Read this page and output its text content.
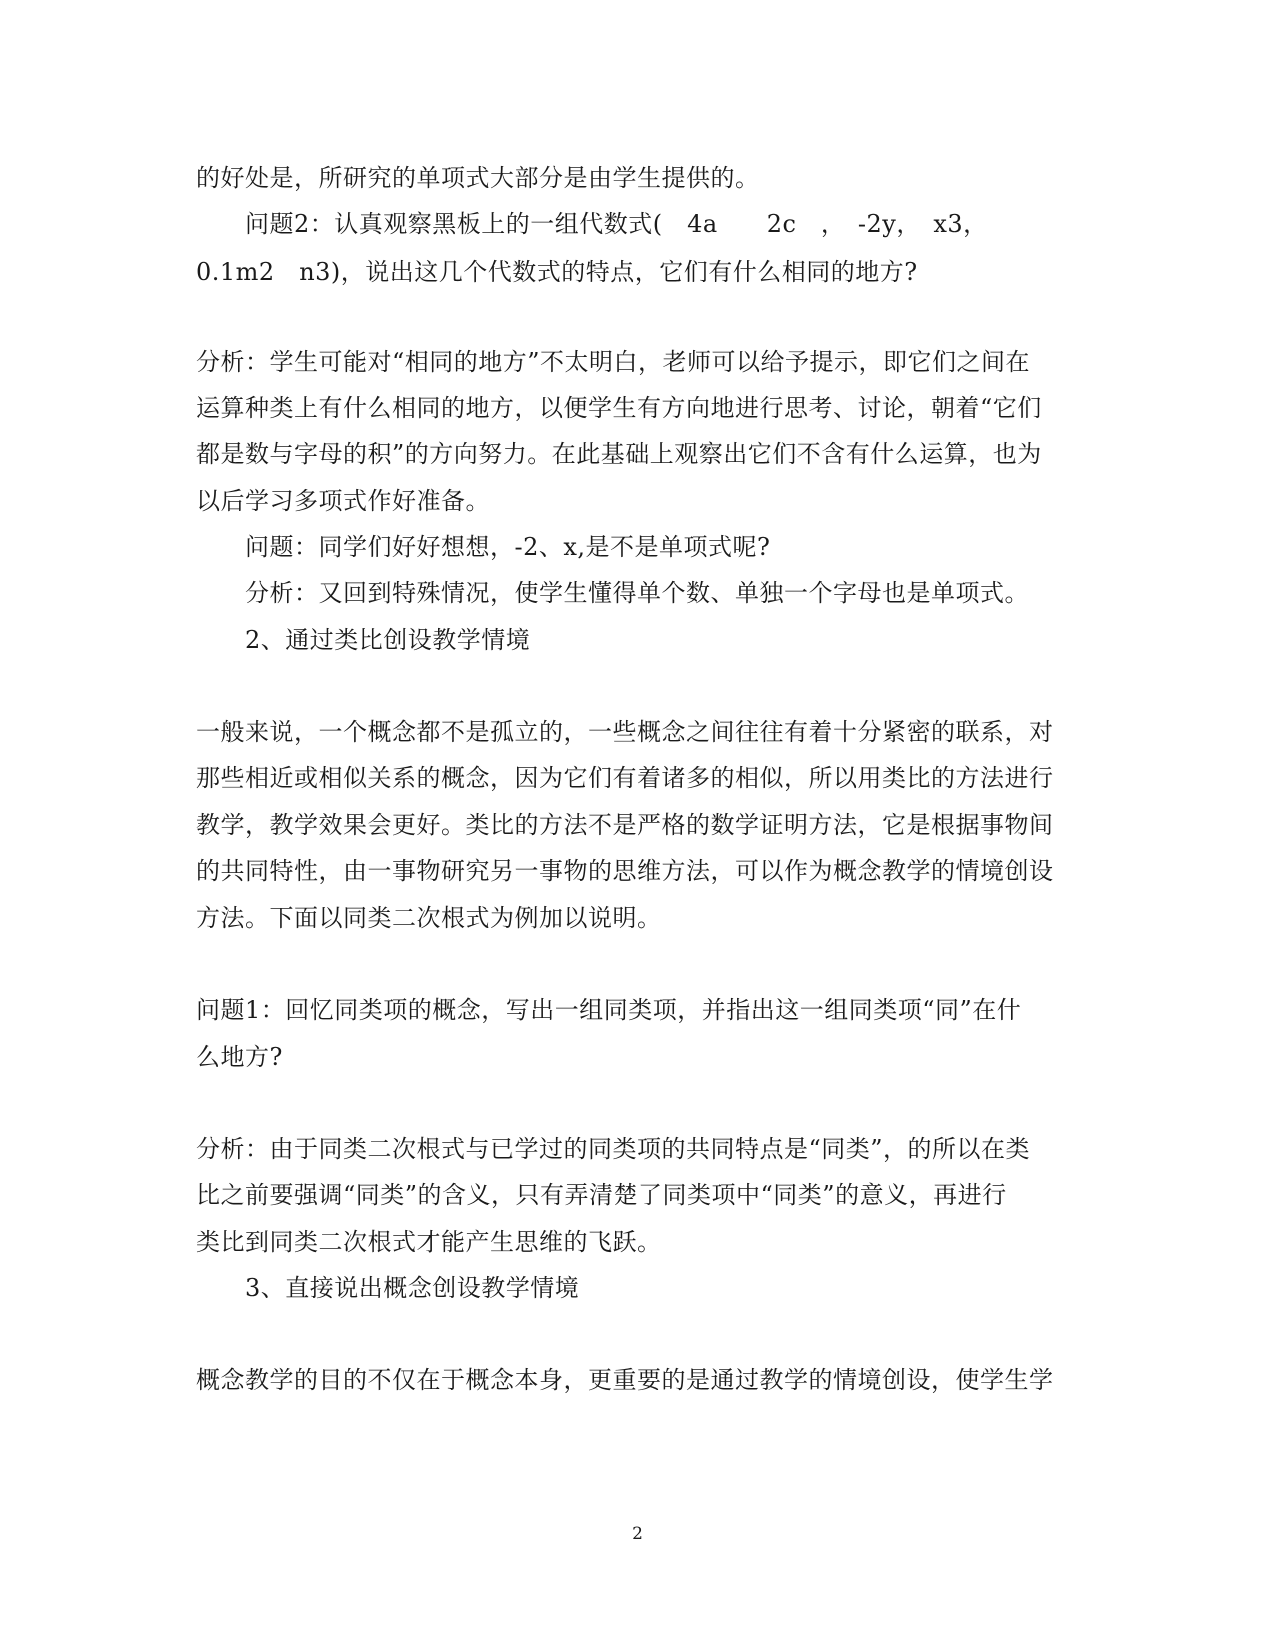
的好处是，所研究的单项式大部分是由学生提供的。
问题2：认真观察黑板上的一组代数式(　4a　　2c　，　-2y，　x3，
0.1m2　n3)，说出这几个代数式的特点，它们有什么相同的地方?
分析：学生可能对“相同的地方”不太明白，老师可以给予提示，即它们之间在
运算种类上有什么相同的地方，以便学生有方向地进行思考、讨论，朝着“它们
都是数与字母的积”的方向努力。在此基础上观察出它们不含有什么运算，也为
以后学习多项式作好准备。
问题：同学们好好想想，-2、x,是不是单项式呢?
分析：又回到特殊情况，使学生懂得单个数、单独一个字母也是单项式。
2、通过类比创设教学情境
一般来说，一个概念都不是孤立的，一些概念之间往往有着十分紧密的联系，对
那些相近或相似关系的概念，因为它们有着诸多的相似，所以用类比的方法进行
教学，教学效果会更好。类比的方法不是严格的数学证明方法，它是根据事物间
的共同特性，由一事物研究另一事物的思维方法，可以作为概念教学的情境创设
方法。下面以同类二次根式为例加以说明。
问题1：回忆同类项的概念，写出一组同类项，并指出这一组同类项“同”在什
么地方?
分析：由于同类二次根式与已学过的同类项的共同特点是“同类”，的所以在类
比之前要强调“同类”的含义，只有弄清楚了同类项中“同类”的意义，再进行
类比到同类二次根式才能产生思维的飞跃。
3、直接说出概念创设教学情境
概念教学的目的不仅在于概念本身，更重要的是通过教学的情境创设，使学生学
2
